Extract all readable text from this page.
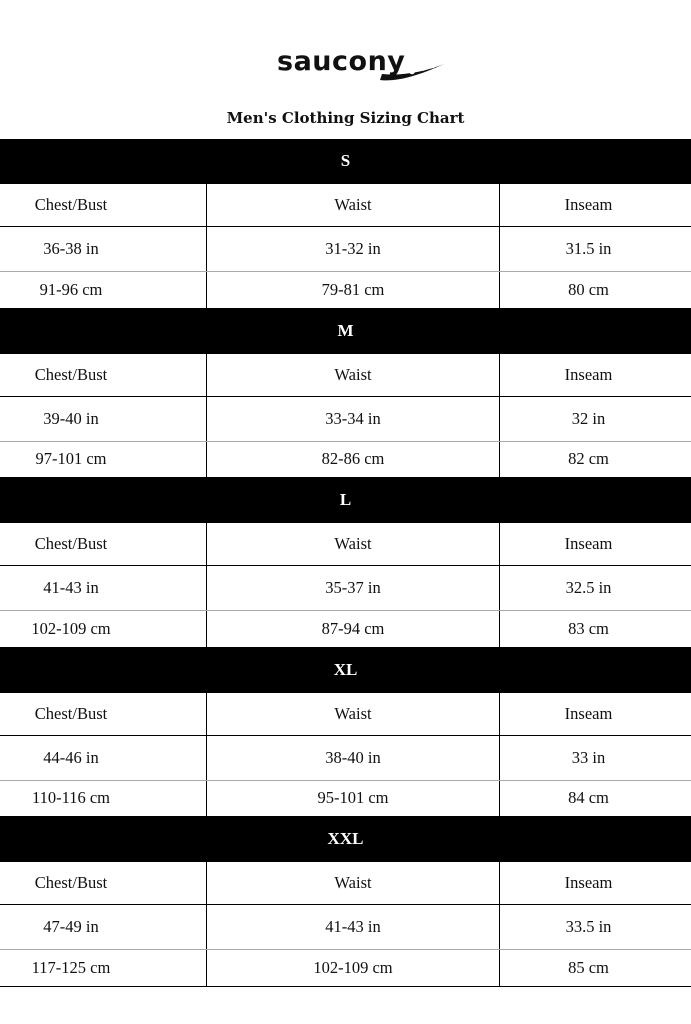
saucony
Men's Clothing Sizing Chart
S
Chest/Bust	Waist	Inseam
36-38 in	31-32 in	31.5 in
91-96 cm	79-81 cm	80 cm
M
Chest/Bust	Waist	Inseam
39-40 in	33-34 in	32 in
97-101 cm	82-86 cm	82 cm
L
Chest/Bust	Waist	Inseam
41-43 in	35-37 in	32.5 in
102-109 cm	87-94 cm	83 cm
XL
Chest/Bust	Waist	Inseam
44-46 in	38-40 in	33 in
110-116 cm	95-101 cm	84 cm
XXL
Chest/Bust	Waist	Inseam
47-49 in	41-43 in	33.5 in
117-125 cm	102-109 cm	85 cm
